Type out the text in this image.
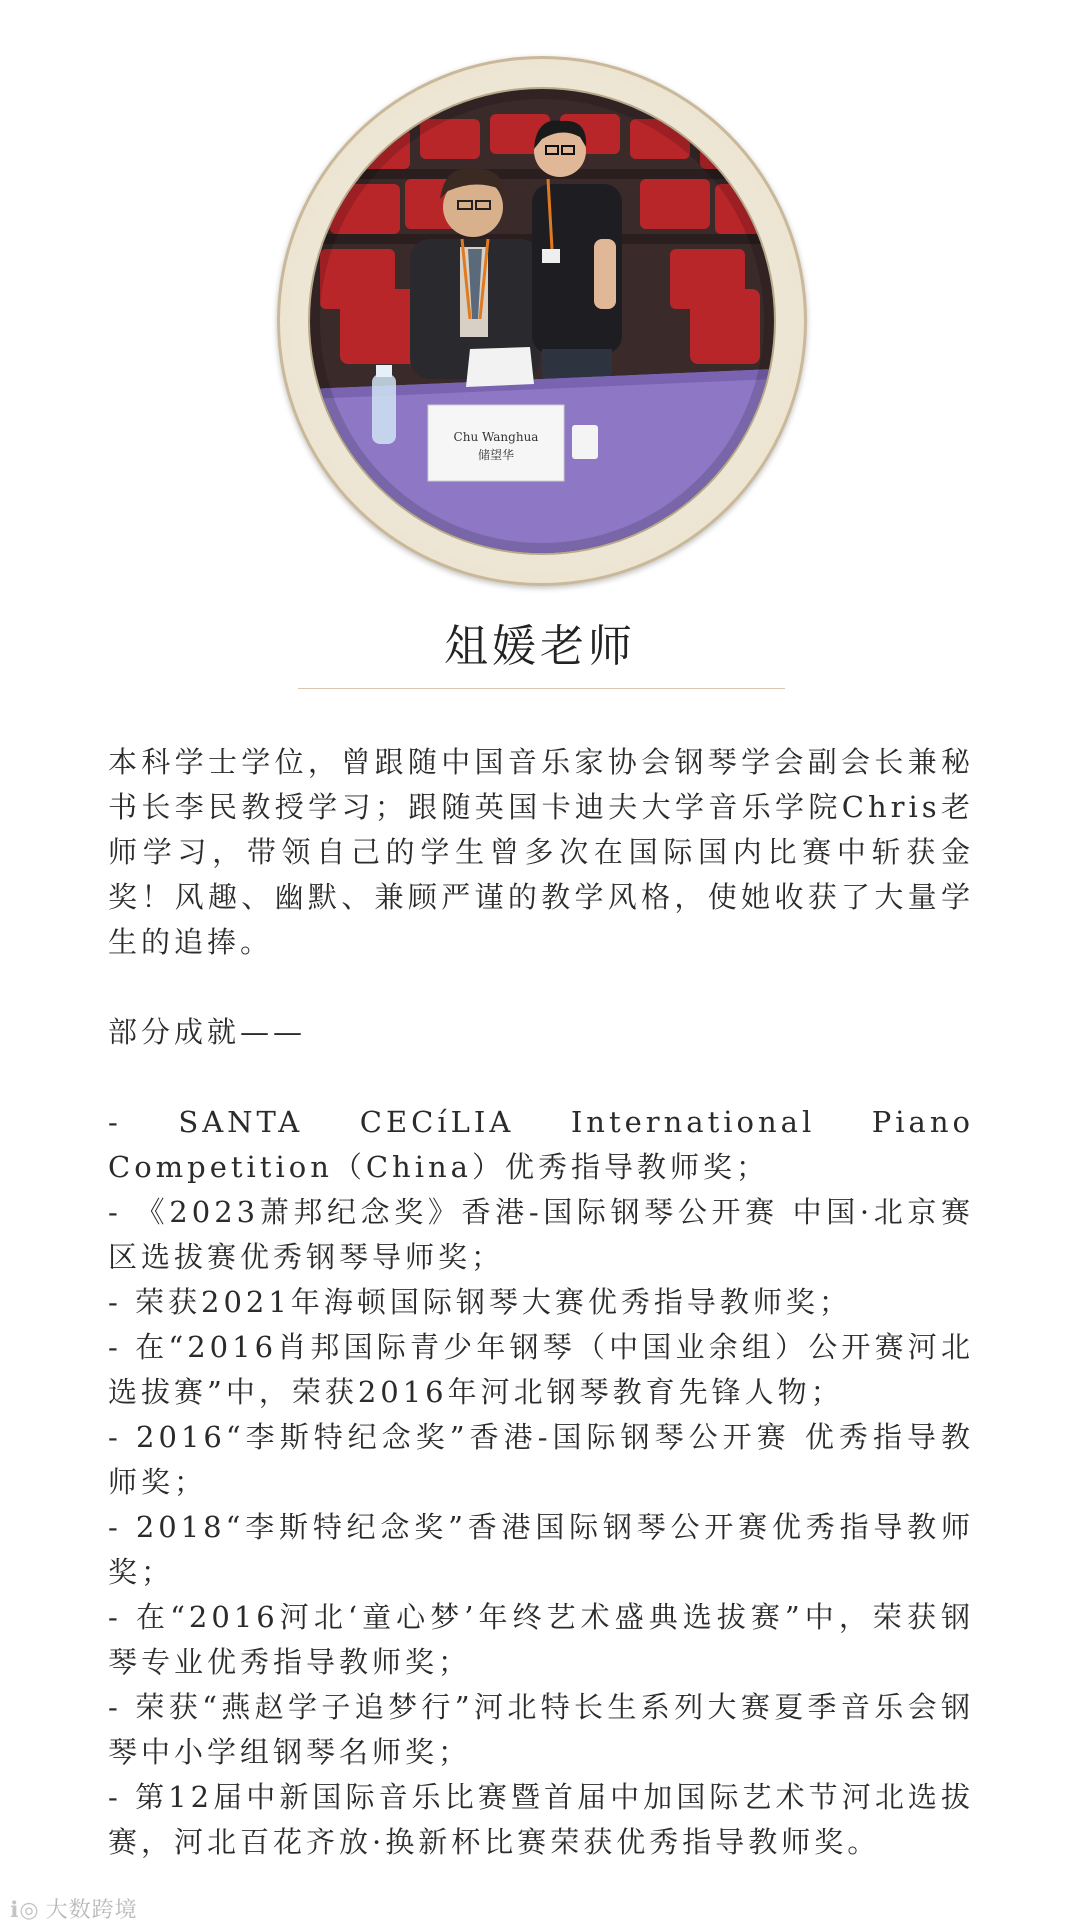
Chu Wanghua
储望华
俎媛老师

本科学士学位，曾跟随中国音乐家协会钢琴学会副会长兼秘书长李民教授学习；跟随英国卡迪夫大学音乐学院Chris老师学习，带领自己的学生曾多次在国际国内比赛中斩获金奖！风趣、幽默、兼顾严谨的教学风格，使她收获了大量学生的追捧。

部分成就——

- SANTA CECíLIA International Piano Competition（China）优秀指导教师奖；

- 《2023萧邦纪念奖》香港-国际钢琴公开赛 中国·北京赛区选拔赛优秀钢琴导师奖；

- 荣获2021年海顿国际钢琴大赛优秀指导教师奖；

- 在“2016肖邦国际青少年钢琴（中国业余组）公开赛河北选拔赛”中，荣获2016年河北钢琴教育先锋人物；

- 2016“李斯特纪念奖”香港-国际钢琴公开赛 优秀指导教师奖；

- 2018“李斯特纪念奖”香港国际钢琴公开赛优秀指导教师奖；

- 在“2016河北‘童心梦’年终艺术盛典选拔赛”中，荣获钢琴专业优秀指导教师奖；

- 荣获“燕赵学子追梦行”河北特长生系列大赛夏季音乐会钢琴中小学组钢琴名师奖；

- 第12届中新国际音乐比赛暨首届中加国际艺术节河北选拔赛，河北百花齐放·换新杯比赛荣获优秀指导教师奖。

ℹ◎ 大数跨境
